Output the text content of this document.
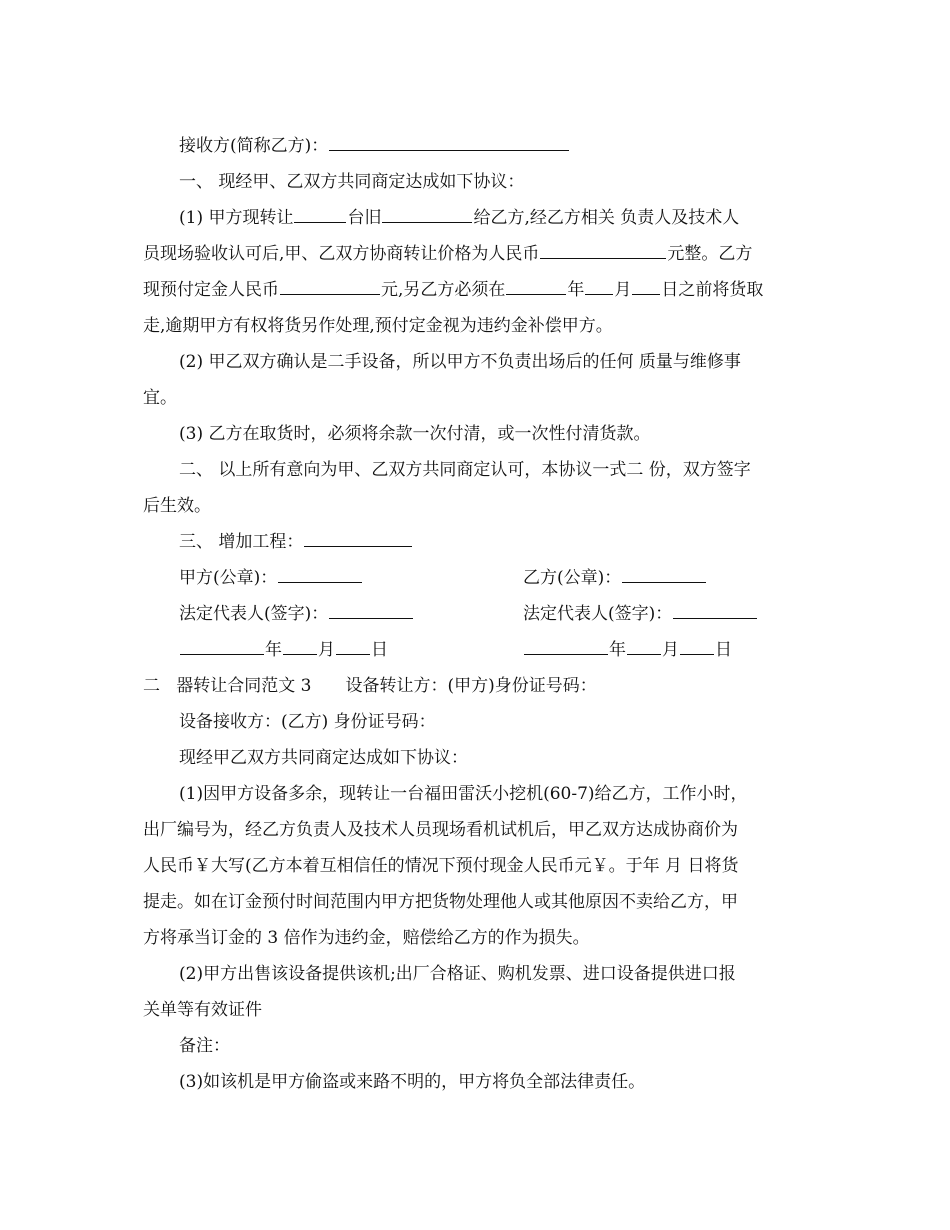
接收方(简称乙方)：
一、 现经甲、乙双方共同商定达成如下协议：
(1) 甲方现转让	台旧	给乙方,经乙方相关 负责人及技术人
员现场验收认可后,甲、乙双方协商转让价格为人民币	元整。乙方
现预付定金人民币	元,另乙方必须在	年 月 日之前将货取
走,逾期甲方有权将货另作处理,预付定金视为违约金补偿甲方。
(2) 甲乙双方确认是二手设备，所以甲方不负责出场后的任何 质量与维修事
宜。
(3) 乙方在取货时，必须将余款一次付清，或一次性付清货款。
二、 以上所有意向为甲、乙双方共同商定认可，本协议一式二 份，双方签字
后生效。
三、 增加工程：
甲方(公章)：	乙方(公章)：
法定代表人(签字)：	法定代表人(签字)：
年 月 日	年 月 日
二 器转让合同范文 3 设备转让方：(甲方)身份证号码：
设备接收方：(乙方) 身份证号码：
现经甲乙双方共同商定达成如下协议：
(1)因甲方设备多余，现转让一台福田雷沃小挖机(60-7)给乙方，工作小时，
出厂编号为，经乙方负责人及技术人员现场看机试机后，甲乙双方达成协商价为
人民币￥大写(乙方本着互相信任的情况下预付现金人民币元￥。于年 月 日将货
提走。如在订金预付时间范围内甲方把货物处理他人或其他原因不卖给乙方，甲
方将承当订金的 3 倍作为违约金，赔偿给乙方的作为损失。
(2)甲方出售该设备提供该机;出厂合格证、购机发票、进口设备提供进口报
关单等有效证件
备注：
(3)如该机是甲方偷盗或来路不明的，甲方将负全部法律责任。
